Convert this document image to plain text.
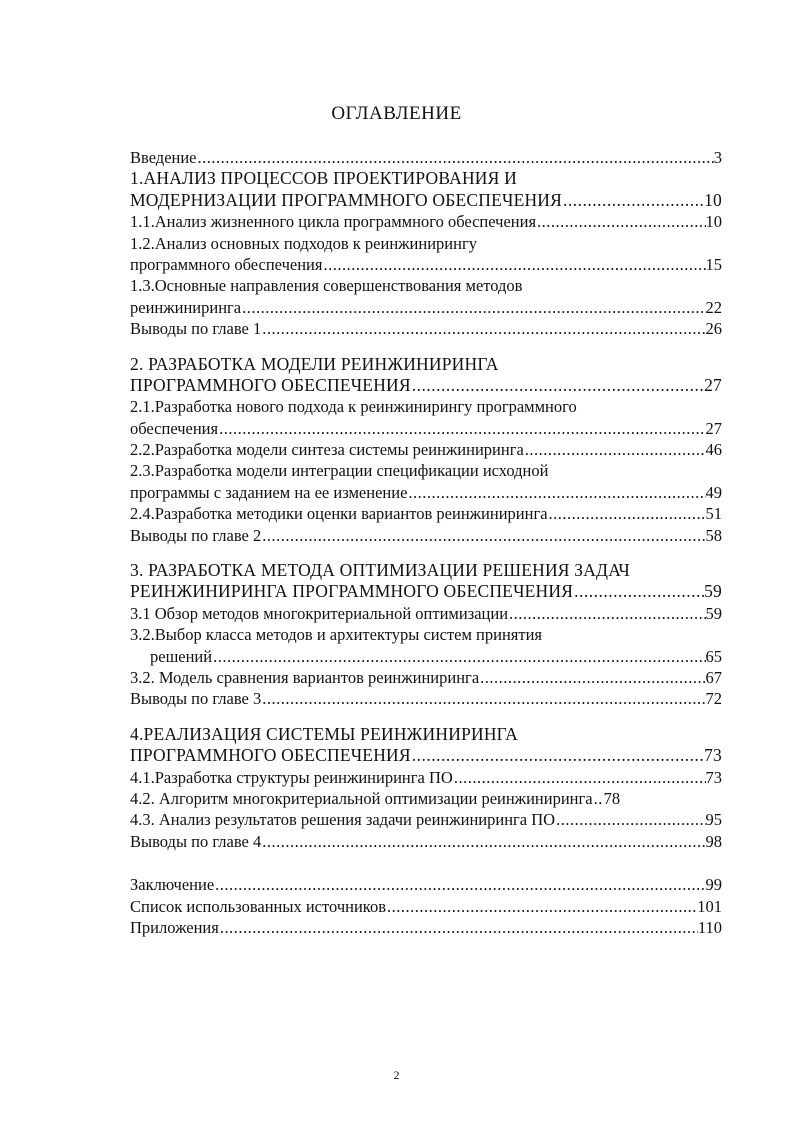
ОГЛАВЛЕНИЕ
Введение .....	3
1.АНАЛИЗ ПРОЦЕССОВ ПРОЕКТИРОВАНИЯ И
МОДЕРНИЗАЦИИ ПРОГРАММНОГО ОБЕСПЕЧЕНИЯ .....	10
1.1.Анализ жизненного цикла программного обеспечения .....	10
1.2.Анализ основных подходов к реинжинирингу
программного обеспечения .....	15
1.3.Основные направления совершенствования методов
реинжиниринга .....	22
Выводы по главе 1 .....	26
2. РАЗРАБОТКА МОДЕЛИ РЕИНЖИНИРИНГА
ПРОГРАММНОГО ОБЕСПЕЧЕНИЯ .....	27
2.1.Разработка нового подхода к реинжинирингу программного
обеспечения .....	27
2.2.Разработка модели синтеза системы реинжиниринга .....	46
2.3.Разработка модели интеграции спецификации исходной
программы с заданием на ее изменение .....	49
2.4.Разработка методики оценки вариантов реинжиниринга .....	51
Выводы по главе 2 .....	58
3. РАЗРАБОТКА МЕТОДА ОПТИМИЗАЦИИ РЕШЕНИЯ ЗАДАЧ
РЕИНЖИНИРИНГА ПРОГРАММНОГО ОБЕСПЕЧЕНИЯ .....	59
3.1 Обзор методов многокритериальной оптимизации .....	59
3.2.Выбор класса методов и архитектуры систем принятия
решений .....	65
3.2. Модель сравнения вариантов реинжиниринга .....	67
Выводы по главе 3 .....	72
4.РЕАЛИЗАЦИЯ СИСТЕМЫ РЕИНЖИНИРИНГА
ПРОГРАММНОГО ОБЕСПЕЧЕНИЯ .....	73
4.1.Разработка структуры реинжиниринга ПО .....	73
4.2. Алгоритм многокритериальной оптимизации реинжиниринга ..... 78
4.3. Анализ результатов решения задачи реинжиниринга ПО .....	95
Выводы по главе 4 .....	98
Заключение .....	99
Список использованных источников .....	101
Приложения .....	110
2
